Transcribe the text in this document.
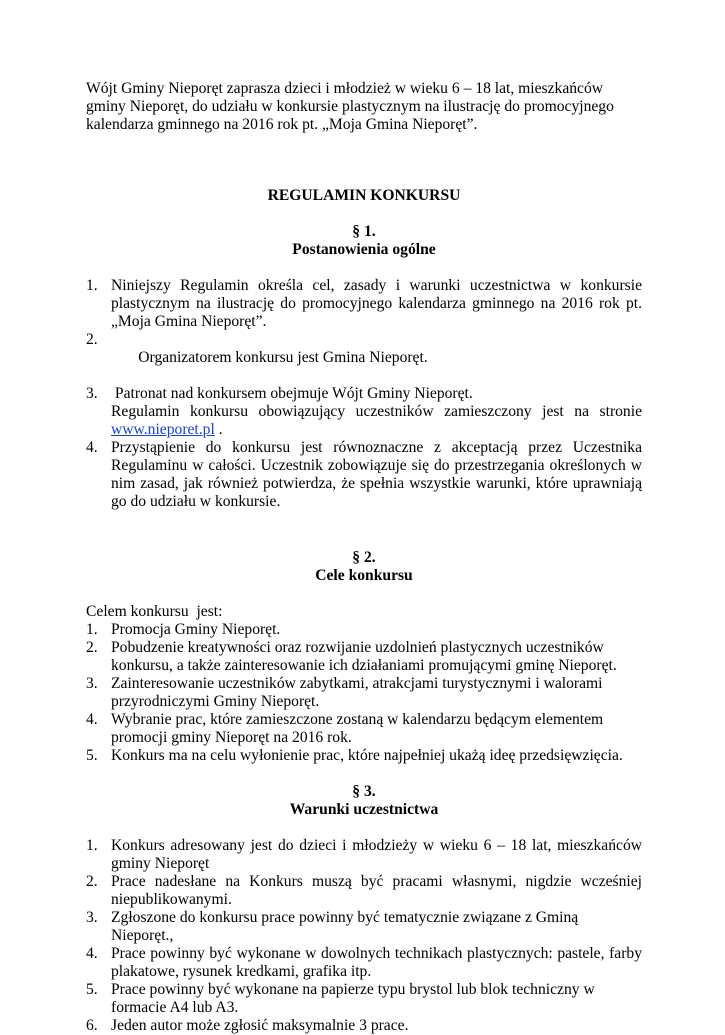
Wójt Gminy Nieporęt zaprasza dzieci i młodzież w wieku 6 – 18 lat, mieszkańców gminy Nieporęt, do udziału w konkursie plastycznym na ilustrację do promocyjnego kalendarza gminnego na 2016 rok pt. „Moja Gmina Nieporęt”.

REGULAMIN KONKURSU

§ 1.

Postanowienia ogólne

1. Niniejszy Regulamin określa cel, zasady i warunki uczestnictwa w konkursie plastycznym na ilustrację do promocyjnego kalendarza gminnego na 2016 rok pt. „Moja Gmina Nieporęt”.

2.
Organizatorem konkursu jest Gmina Nieporęt.

3. Patronat nad konkursem obejmuje Wójt Gminy Nieporęt.
Regulamin konkursu obowiązujący uczestników zamieszczony jest na stronie
www.nieporet.pl .
4. Przystąpienie do konkursu jest równoznaczne z akceptacją przez Uczestnika Regulaminu w całości. Uczestnik zobowiązuje się do przestrzegania określonych w nim zasad, jak również potwierdza, że spełnia wszystkie warunki, które uprawniają go do udziału w konkursie.

§ 2.

Cele konkursu

Celem konkursu  jest:

1. Promocja Gminy Nieporęt.
2. Pobudzenie kreatywności oraz rozwijanie uzdolnień plastycznych uczestników konkursu, a także zainteresowanie ich działaniami promującymi gminę Nieporęt.
3. Zainteresowanie uczestników zabytkami, atrakcjami turystycznymi i walorami przyrodniczymi Gminy Nieporęt.
4. Wybranie prac, które zamieszczone zostaną w kalendarzu będącym elementem promocji gminy Nieporęt na 2016 rok.
5. Konkurs ma na celu wyłonienie prac, które najpełniej ukażą ideę przedsięwzięcia.

§ 3.

Warunki uczestnictwa

1. Konkurs adresowany jest do dzieci i młodzieży w wieku 6 – 18 lat, mieszkańców gminy Nieporęt
2. Prace nadesłane na Konkurs muszą być pracami własnymi, nigdzie wcześniej niepublikowanymi.
3. Zgłoszone do konkursu prace powinny być tematycznie związane z Gminą Nieporęt.,
4. Prace powinny być wykonane w dowolnych technikach plastycznych: pastele, farby plakatowe, rysunek kredkami, grafika itp.
5. Prace powinny być wykonane na papierze typu brystol lub blok techniczny w formacie A4 lub A3.
6. Jeden autor może zgłosić maksymalnie 3 prace.
